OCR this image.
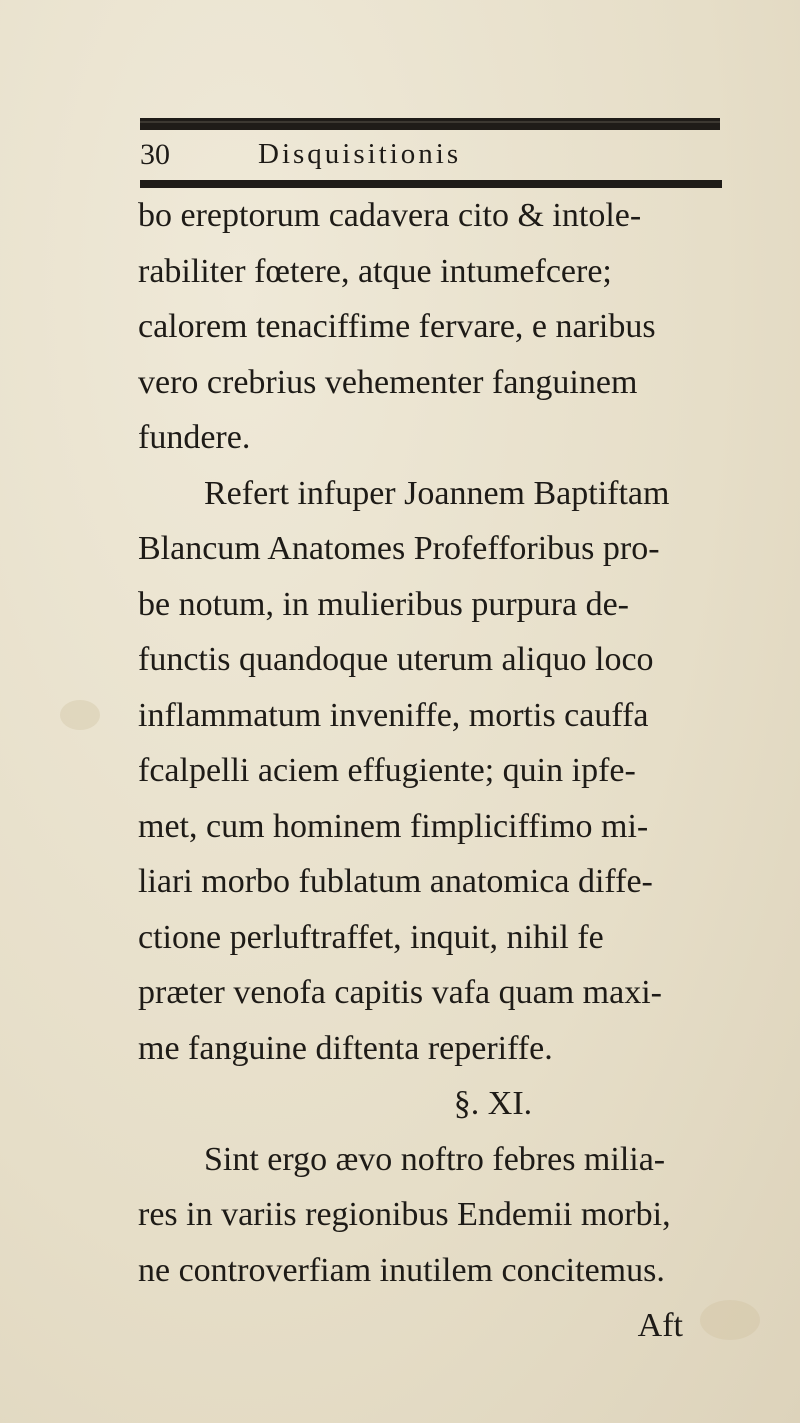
30	Disquisitionis
bo ereptorum cadavera cito & intole-
rabiliter fœtere, atque intumefcere;
calorem tenaciffime fervare, e naribus
vero crebrius vehementer fanguinem
fundere.
Refert infuper Joannem Baptiftam
Blancum Anatomes Profefforibus pro-
be notum, in mulieribus purpura de-
functis quandoque uterum aliquo loco
inflammatum inveniffe, mortis cauffa
fcalpelli aciem effugiente; quin ipfe-
met, cum hominem fimpliciffimo mi-
liari morbo fublatum anatomica diffe-
ctione perluftraffet, inquit, nihil fe
præter venofa capitis vafa quam maxi-
me fanguine diftenta reperiffe.
§. XI.
Sint ergo ævo noftro febres milia-
res in variis regionibus Endemii morbi,
ne controverfiam inutilem concitemus.
Aft
